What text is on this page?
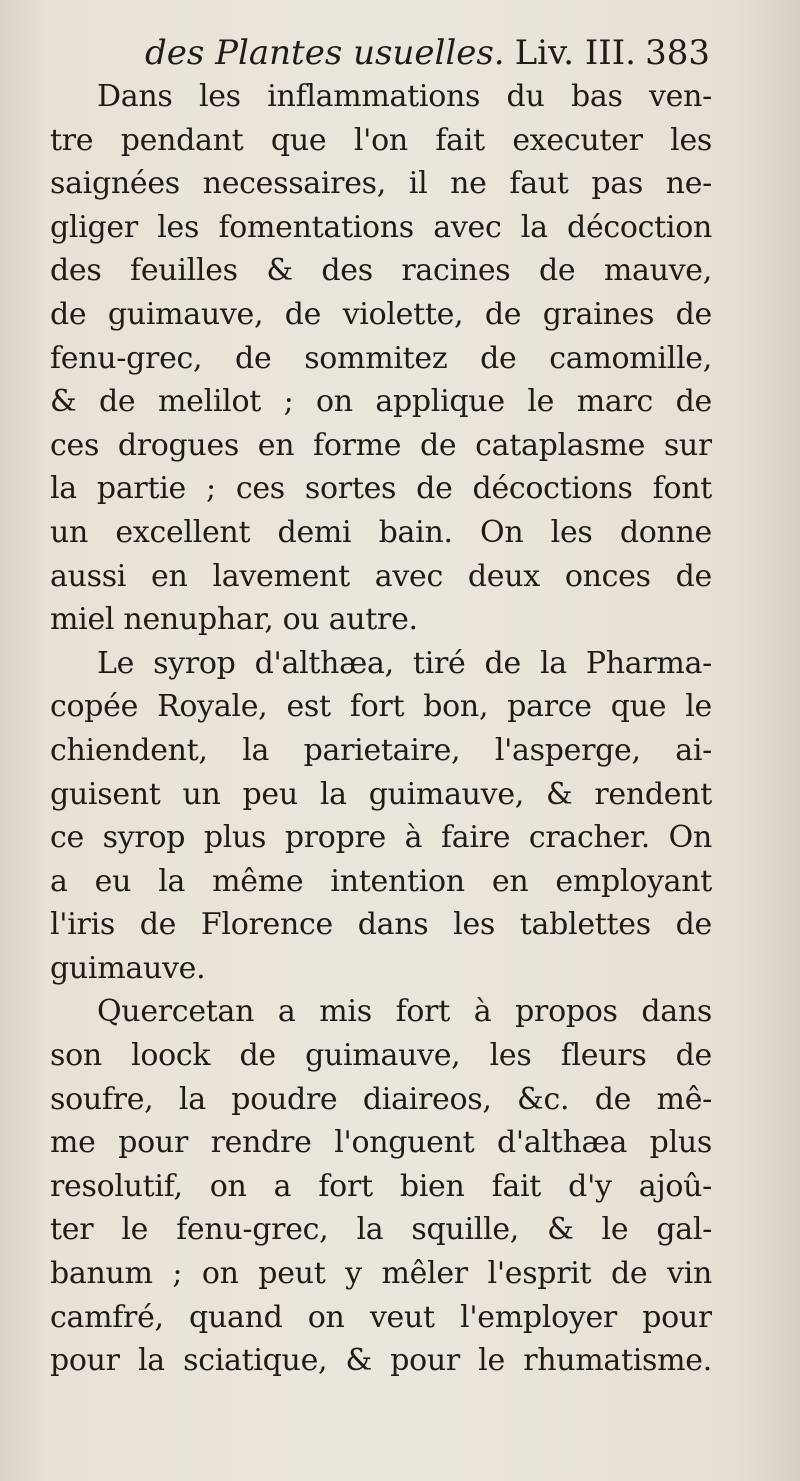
des Plantes usuelles. Liv. III. 383
Dans les inflammations du bas ven-
tre pendant que l'on fait executer les
saignées necessaires, il ne faut pas ne-
gliger les fomentations avec la décoction
des feuilles & des racines de mauve,
de guimauve, de violette, de graines de
fenu-grec, de sommitez de camomille,
& de melilot ; on applique le marc de
ces drogues en forme de cataplasme sur
la partie ; ces sortes de décoctions font
un excellent demi bain. On les donne
aussi en lavement avec deux onces de
miel nenuphar, ou autre.
Le syrop d'althæa, tiré de la Pharma-
copée Royale, est fort bon, parce que le
chiendent, la parietaire, l'asperge, ai-
guisent un peu la guimauve, & rendent
ce syrop plus propre à faire cracher. On
a eu la même intention en employant
l'iris de Florence dans les tablettes de
guimauve.
Quercetan a mis fort à propos dans
son loock de guimauve, les fleurs de
soufre, la poudre diaireos, &c. de mê-
me pour rendre l'onguent d'althæa plus
resolutif, on a fort bien fait d'y ajoû-
ter le fenu-grec, la squille, & le gal-
banum ; on peut y mêler l'esprit de vin
camfré, quand on veut l'employer pour
pour la sciatique, & pour le rhumatisme.
